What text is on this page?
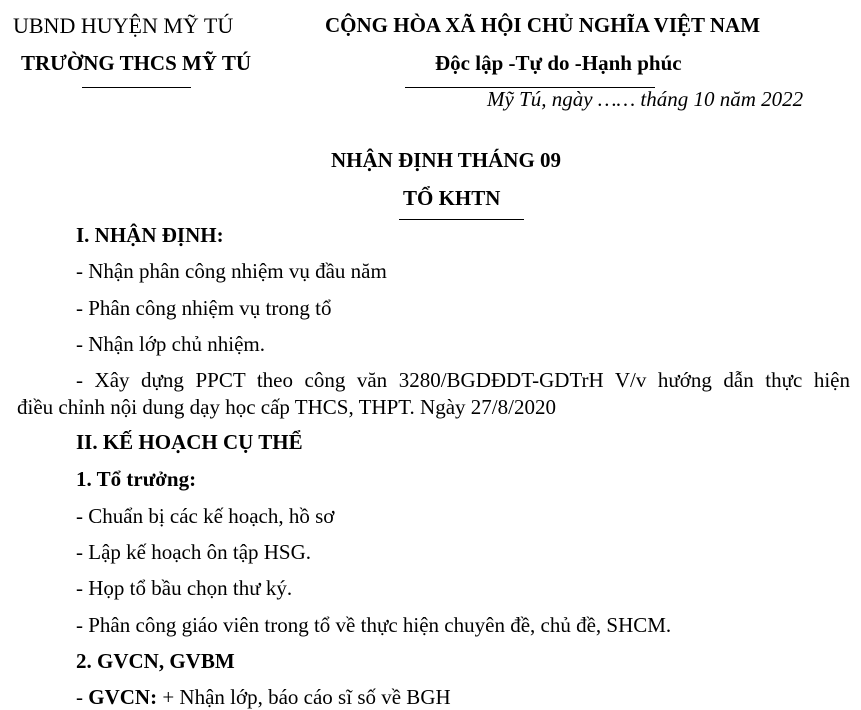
UBND HUYỆN MỸ TÚ
TRƯỜNG THCS MỸ TÚ
CỘNG HÒA XÃ HỘI CHỦ NGHĨA VIỆT NAM
Độc lập -Tự do -Hạnh phúc
Mỹ Tú, ngày …… tháng 10 năm 2022
NHẬN ĐỊNH THÁNG 09
TỔ KHTN
I. NHẬN ĐỊNH:
- Nhận phân công nhiệm vụ đầu năm
- Phân công nhiệm vụ trong tổ
- Nhận lớp chủ nhiệm.
- Xây dựng PPCT theo công văn 3280/BGDĐDT-GDTrH V/v hướng dẫn thực hiện
điều chỉnh nội dung dạy học cấp THCS, THPT. Ngày 27/8/2020
II. KẾ HOẠCH CỤ THỂ
1. Tổ trưởng:
- Chuẩn bị các kế hoạch, hồ sơ
- Lập kế hoạch ôn tập HSG.
- Họp tổ bầu chọn thư ký.
- Phân công giáo viên trong tổ về thực hiện chuyên đề, chủ đề, SHCM.
2. GVCN, GVBM
- GVCN: + Nhận lớp, báo cáo sĩ số về BGH
